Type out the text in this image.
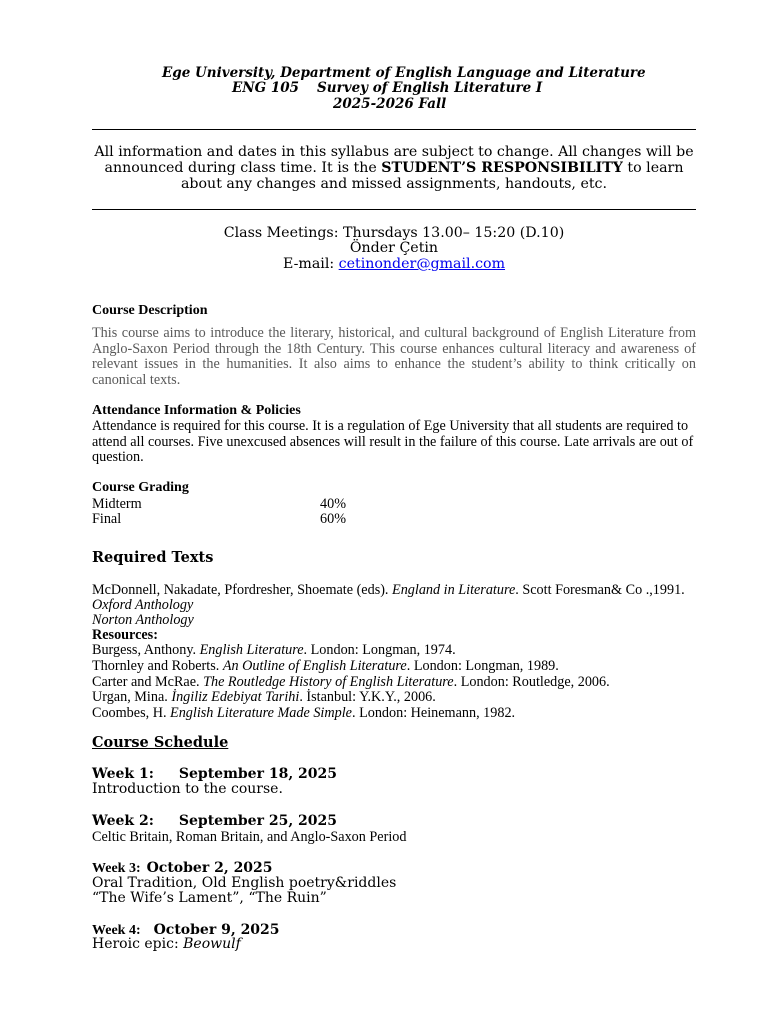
Ege University, Department of English Language and Literature
ENG 105 Survey of English Literature I
2025-2026 Fall
All information and dates in this syllabus are subject to change. All changes will be announced during class time. It is the STUDENT’S RESPONSIBILITY to learn about any changes and missed assignments, handouts, etc.
Class Meetings: Thursdays 13.00– 15:20 (D.10)
Önder Çetin
E-mail: cetinonder@gmail.com
Course Description
This course aims to introduce the literary, historical, and cultural background of English Literature from Anglo-Saxon Period through the 18th Century. This course enhances cultural literacy and awareness of relevant issues in the humanities. It also aims to enhance the student’s ability to think critically on canonical texts.
Attendance Information & Policies
Attendance is required for this course. It is a regulation of Ege University that all students are required to attend all courses. Five unexcused absences will result in the failure of this course. Late arrivals are out of question.
Course Grading
Midterm	40%
Final	60%
Required Texts
McDonnell, Nakadate, Pfordresher, Shoemate (eds). England in Literature. Scott Foresman& Co .,1991.
Oxford Anthology
Norton Anthology
Resources:
Burgess, Anthony. English Literature. London: Longman, 1974.
Thornley and Roberts. An Outline of English Literature. London: Longman, 1989.
Carter and McRae. The Routledge History of English Literature. London: Routledge, 2006.
Urgan, Mina. İngiliz Edebiyat Tarihi. İstanbul: Y.K.Y., 2006.
Coombes, H. English Literature Made Simple. London: Heinemann, 1982.
Course Schedule
Week 1: September 18, 2025
Introduction to the course.
Week 2: September 25, 2025
Celtic Britain, Roman Britain, and Anglo-Saxon Period
Week 3: October 2, 2025
Oral Tradition, Old English poetry&riddles
“The Wife’s Lament”, “The Ruin”
Week 4: October 9, 2025
Heroic epic: Beowulf
